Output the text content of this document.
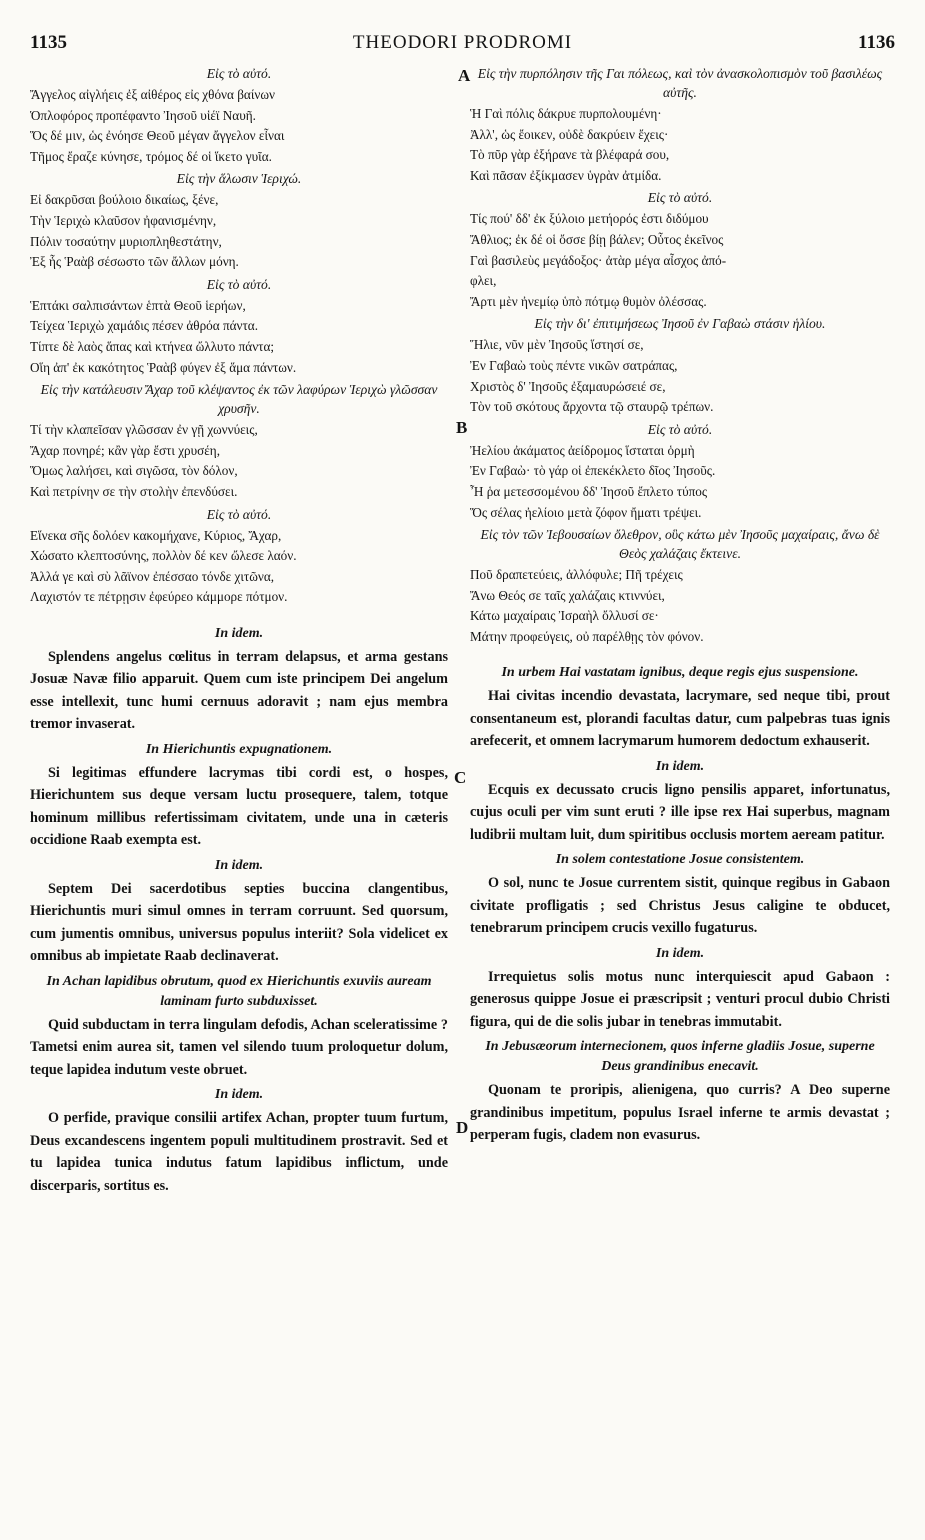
1135	THEODORI PRODROMI	1136
A
B
C
D
Εἰς τὸ αὐτό.

Ἄγγελος αἰγλήεις ἐξ αἰθέρος εἰς χθόνα βαίνων

Ὁπλοφόρος προπέφαντο Ἰησοῦ υἱέϊ Ναυῆ.

Ὅς δέ μιν, ὡς ἐνόησε Θεοῦ μέγαν ἄγγελον εἶναι

Τῆμος ἔραζε κύνησε, τρόμος δέ οἱ ἵκετο γυῖα.

Εἰς τὴν ἅλωσιν Ἱεριχώ.

Εἰ δακρῦσαι βούλοιο δικαίως, ξένε,

Τὴν Ἱεριχὼ κλαῦσον ἠφανισμένην,

Πόλιν τοσαύτην μυριοπληθεστάτην,

Ἐξ ἧς Ῥαὰβ σέσωστο τῶν ἄλλων μόνη.

Εἰς τὸ αὐτό.

Ἑπτάκι σαλπισάντων ἑπτὰ Θεοῦ ἱερήων,

Τείχεα Ἱεριχὼ χαμάδις πέσεν ἀθρόα πάντα.

Τίπτε δὲ λαὸς ἅπας καὶ κτήνεα ὤλλυτο πάντα;

Οἵη ἀπ' ἐκ κακότητος Ῥαὰβ φύγεν ἐξ ἅμα πάντων.

Εἰς τὴν κατάλευσιν Ἄχαρ τοῦ κλέψαντος ἐκ τῶν λαφύρων Ἱεριχὼ γλῶσσαν χρυσῆν.

Τί τὴν κλαπεῖσαν γλῶσσαν ἐν γῇ χωννύεις,

Ἄχαρ πονηρέ; κἂν γὰρ ἔστι χρυσέη,

Ὅμως λαλήσει, καὶ σιγῶσα, τὸν δόλον,

Καὶ πετρίνην σε τὴν στολὴν ἐπενδύσει.

Εἰς τὸ αὐτό.

Εἵνεκα σῆς δολόεν κακομήχανε, Κύριος, Ἄχαρ,

Χώσατο κλεπτοσύνης, πολλὸν δέ κεν ὤλεσε λαόν.

Ἀλλά γε καὶ σὺ λᾶϊνον ἐπέσσαο τόνδε χιτῶνα,

Λαχιστόν τε πέτρῃσιν ἐφεύρεο κάμμορε πότμον.

In idem.

Splendens angelus cœlitus in terram delapsus, et arma gestans Josuæ Navæ filio apparuit. Quem cum iste principem Dei angelum esse intellexit, tunc humi cernuus adoravit ; nam ejus membra tremor invaserat.

In Hierichuntis expugnationem.

Si legitimas effundere lacrymas tibi cordi est, o hospes, Hierichuntem sus deque versam luctu prosequere, talem, totque hominum millibus refertissimam civitatem, unde una in cæteris occidione Raab exempta est.

In idem.

Septem Dei sacerdotibus septies buccina clangentibus, Hierichuntis muri simul omnes in terram corruunt. Sed quorsum, cum jumentis omnibus, universus populus interiit? Sola videlicet ex omnibus ab impietate Raab declinaverat.

In Achan lapidibus obrutum, quod ex Hierichuntis exuviis auream laminam furto subduxisset.

Quid subductam in terra lingulam defodis, Achan sceleratissime ? Tametsi enim aurea sit, tamen vel silendo tuum proloquetur dolum, teque lapidea indutum veste obruet.

In idem.

O perfide, pravique consilii artifex Achan, propter tuum furtum, Deus excandescens ingentem populi multitudinem prostravit. Sed et tu lapidea tunica indutus fatum lapidibus inflictum, unde discerparis, sortitus es.

Εἰς τὴν πυρπόλησιν τῆς Γαι πόλεως, καὶ τὸν ἀνασκολοπισμὸν τοῦ βασιλέως αὐτῆς.

Ἡ Γαὶ πόλις δάκρυε πυρπολουμένη·

Ἀλλ', ὡς ἔοικεν, οὐδὲ δακρύειν ἔχεις·

Τὸ πῦρ γὰρ ἐξήρανε τὰ βλέφαρά σου,

Καὶ πᾶσαν ἐξίκμασεν ὑγρὰν ἀτμίδα.

Εἰς τὸ αὐτό.

Τίς πού' δδ' ἐκ ξύλοιο μετήορός ἐστι διδύμου

Ἄθλιος; ἐκ δέ οἱ ὄσσε βίῃ βάλεν; Οὗτος ἐκεῖνος

Γαὶ βασιλεὺς μεγάδοξος· ἀτὰρ μέγα αἶσχος ἀπό-

φλει,

Ἄρτι μὲν ἠνεμίῳ ὑπὸ πότμῳ θυμὸν ὀλέσσας.

Εἰς τὴν δι' ἐπιτιμήσεως Ἰησοῦ ἐν Γαβαὼ στάσιν ἡλίου.

Ἥλιε, νῦν μὲν Ἰησοῦς ἵστησί σε,

Ἐν Γαβαὼ τοὺς πέντε νικῶν σατράπας,

Χριστὸς δ' Ἰησοῦς ἐξαμαυρώσειέ σε,

Τὸν τοῦ σκότους ἄρχοντα τῷ σταυρῷ τρέπων.

Εἰς τὸ αὐτό.

Ἠελίου ἀκάματος ἀείδρομος ἵσταται ὁρμὴ

Ἐν Γαβαὼ· τὸ γάρ οἱ ἐπεκέκλετο δῖος Ἰησοῦς.

Ἦ ῥα μετεσσομένου δδ' Ἰησοῦ ἔπλετο τύπος

Ὅς σέλας ἠελίοιο μετὰ ζόφον ἤματι τρέψει.

Εἰς τὸν τῶν Ἰεβουσαίων ὄλεθρον, οὓς κάτω μὲν Ἰησοῦς μαχαίραις, ἄνω δὲ Θεὸς χαλάζαις ἔκτεινε.

Ποῦ δραπετεύεις, ἀλλόφυλε; Πῆ τρέχεις

Ἄνω Θεός σε ταῖς χαλάζαις κτιννύει,

Κάτω μαχαίραις Ἰσραὴλ ὄλλυσί σε·

Μάτην προφεύγεις, οὐ παρέλθῃς τὸν φόνον.

In urbem Hai vastatam ignibus, deque regis ejus suspensione.

Hai civitas incendio devastata, lacrymare, sed neque tibi, prout consentaneum est, plorandi facultas datur, cum palpebras tuas ignis arefecerit, et omnem lacrymarum humorem dedoctum exhauserit.

In idem.

Ecquis ex decussato crucis ligno pensilis apparet, infortunatus, cujus oculi per vim sunt eruti ? ille ipse rex Hai superbus, magnam ludibrii multam luit, dum spiritibus occlusis mortem aeream patitur.

In solem contestatione Josue consistentem.

O sol, nunc te Josue currentem sistit, quinque regibus in Gabaon civitate profligatis ; sed Christus Jesus caligine te obducet, tenebrarum principem crucis vexillo fugaturus.

In idem.

Irrequietus solis motus nunc interquiescit apud Gabaon : generosus quippe Josue ei præscripsit ; venturi procul dubio Christi figura, qui de die solis jubar in tenebras immutabit.

In Jebusæorum internecionem, quos inferne gladiis Josue, superne Deus grandinibus enecavit.

Quonam te proripis, alienigena, quo curris? A Deo superne grandinibus impetitum, populus Israel inferne te armis devastat ; perperam fugis, cladem non evasurus.
